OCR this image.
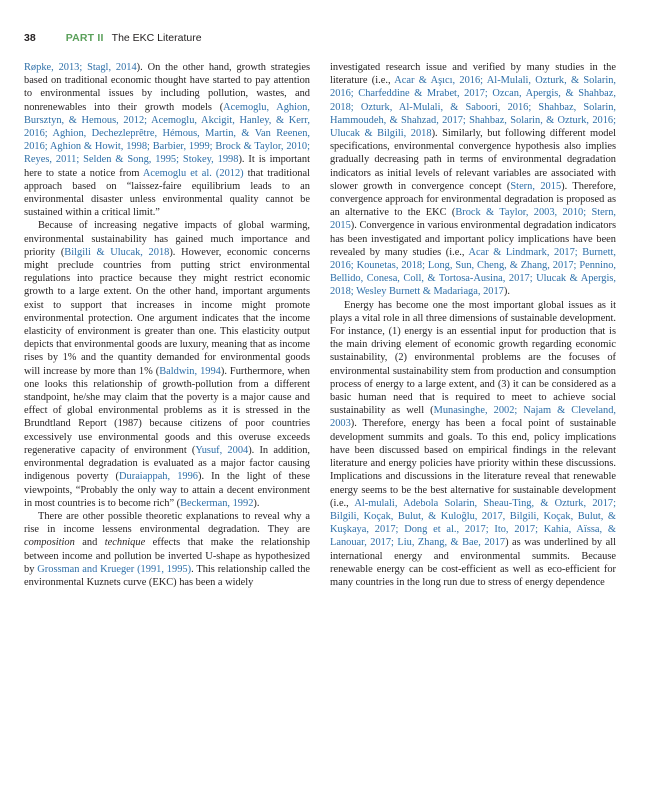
38	PART II The EKC Literature

Røpke, 2013; Stagl, 2014). On the other hand, growth strategies based on traditional economic thought have started to pay attention to environmental issues by including pollution, wastes, and nonrenewables into their growth models (Acemoglu, Aghion, Bursztyn, & Hemous, 2012; Acemoglu, Akcigit, Hanley, & Kerr, 2016; Aghion, Dechezleprêtre, Hémous, Martin, & Van Reenen, 2016; Aghion & Howit, 1998; Barbier, 1999; Brock & Taylor, 2010; Reyes, 2011; Selden & Song, 1995; Stokey, 1998). It is important here to state a notice from Acemoglu et al. (2012) that traditional approach based on “laissez-faire equilibrium leads to an environmental disaster unless environmental quality cannot be sustained within a critical limit.”

Because of increasing negative impacts of global warming, environmental sustainability has gained much importance and priority (Bilgili & Ulucak, 2018). However, economic concerns might preclude countries from putting strict environmental regulations into practice because they might restrict economic growth to a large extent. On the other hand, important arguments exist to support that increases in income might promote environmental protection. One argument indicates that the income elasticity of environment is greater than one. This elasticity output depicts that environmental goods are luxury, meaning that as income rises by 1% and the quantity demanded for environmental goods will increase by more than 1% (Baldwin, 1994). Furthermore, when one looks this relationship of growth-pollution from a different standpoint, he/she may claim that the poverty is a major cause and effect of global environmental problems as it is stressed in the Brundtland Report (1987) because citizens of poor countries excessively use environmental goods and this overuse exceeds regenerative capacity of environment (Yusuf, 2004). In addition, environmental degradation is evaluated as a major factor causing indigenous poverty (Duraiappah, 1996). In the light of these viewpoints, “Probably the only way to attain a decent environment in most countries is to become rich” (Beckerman, 1992).

There are other possible theoretic explanations to reveal why a rise in income lessens environmental degradation. They are composition and technique effects that make the relationship between income and pollution be inverted U-shape as hypothesized by Grossman and Krueger (1991, 1995). This relationship called the environmental Kuznets curve (EKC) has been a widely

investigated research issue and verified by many studies in the literature (i.e., Acar & Aşıcı, 2016; Al-Mulali, Ozturk, & Solarin, 2016; Charfeddine & Mrabet, 2017; Ozcan, Apergis, & Shahbaz, 2018; Ozturk, Al-Mulali, & Saboori, 2016; Shahbaz, Solarin, Hammoudeh, & Shahzad, 2017; Shahbaz, Solarin, & Ozturk, 2016; Ulucak & Bilgili, 2018). Similarly, but following different model specifications, environmental convergence hypothesis also implies gradually decreasing path in terms of environmental degradation indicators as initial levels of relevant variables are associated with slower growth in convergence concept (Stern, 2015). Therefore, convergence approach for environmental degradation is proposed as an alternative to the EKC (Brock & Taylor, 2003, 2010; Stern, 2015). Convergence in various environmental degradation indicators has been investigated and important policy implications have been revealed by many studies (i.e., Acar & Lindmark, 2017; Burnett, 2016; Kounetas, 2018; Long, Sun, Cheng, & Zhang, 2017; Pennino, Bellido, Conesa, Coll, & Tortosa-Ausina, 2017; Ulucak & Apergis, 2018; Wesley Burnett & Madariaga, 2017).

Energy has become one the most important global issues as it plays a vital role in all three dimensions of sustainable development. For instance, (1) energy is an essential input for production that is the main driving element of economic growth regarding economic sustainability, (2) environmental problems are the focuses of environmental sustainability stem from production and consumption process of energy to a large extent, and (3) it can be considered as a basic human need that is required to meet to achieve social sustainability as well (Munasinghe, 2002; Najam & Cleveland, 2003). Therefore, energy has been a focal point of sustainable development summits and goals. To this end, policy implications have been discussed based on empirical findings in the relevant literature and energy policies have priority within these discussions. Implications and discussions in the literature reveal that renewable energy seems to be the best alternative for sustainable development (i.e., Al-mulali, Adebola Solarin, Sheau-Ting, & Ozturk, 2017; Bilgili, Koçak, Bulut, & Kuloğlu, 2017, Bilgili, Koçak, Bulut, & Kuşkaya, 2017; Dong et al., 2017; Ito, 2017; Kahia, Aïssa, & Lanouar, 2017; Liu, Zhang, & Bae, 2017) as was underlined by all international energy and environmental summits. Because renewable energy can be cost-efficient as well as eco-efficient for many countries in the long run due to stress of energy dependence
